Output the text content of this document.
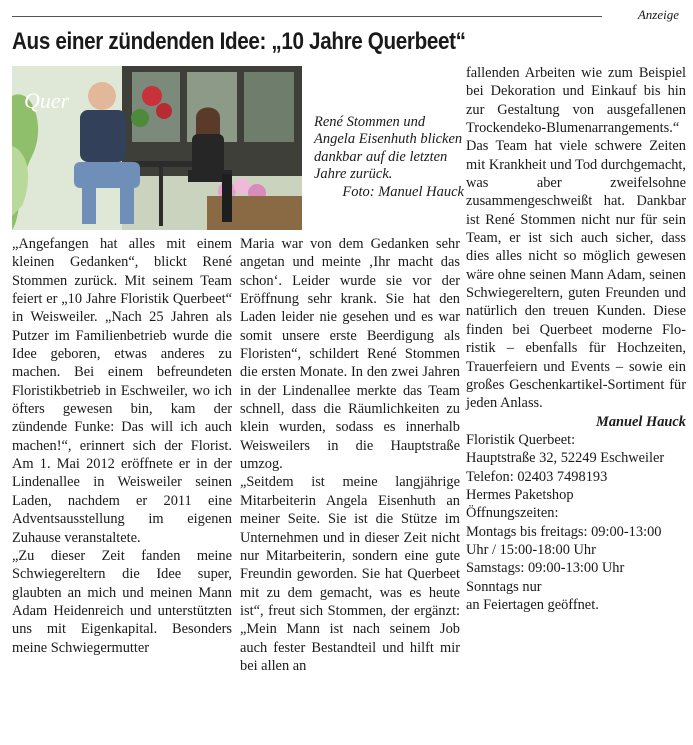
Anzeige
Aus einer zündenden Idee: „10 Jahre Querbeet“
Quer
René Stommen und Angela Eisenhuth blicken dankbar auf die letzten Jahre zurück.
Foto: Manuel Hauck

„Angefangen hat alles mit einem kleinen Gedanken“, blickt René Stommen zurück. Mit seinem Team feiert er „10 Jahre Floristik Querbeet“ in Weisweiler. „Nach 25 Jahren als Putzer im Familienbetrieb wurde die Idee geboren, etwas anderes zu machen. Bei einem befreundeten Floristikbetrieb in Eschweiler, wo ich öfters gewesen bin, kam der zündende Funke: Das will ich auch machen!“, erinnert sich der Florist. Am 1. Mai 2012 eröffnete er in der Lindenallee in Weisweiler seinen Laden, nachdem er 2011 eine Adventsausstellung im eigenen Zuhause veranstaltete.

„Zu dieser Zeit fanden meine Schwiegereltern die Idee super, glaubten an mich und meinen Mann Adam Heidenreich und unterstützten uns mit Eigenkapital. Besonders meine Schwiegermutter

Maria war von dem Gedanken sehr angetan und meinte ‚Ihr macht das schon‘. Leider wurde sie vor der Eröffnung sehr krank. Sie hat den Laden leider nie gesehen und es war somit unsere erste Beerdigung als Floristen“, schildert René Stommen die ersten Monate. In den zwei Jahren in der Lindenallee merkte das Team schnell, dass die Räumlichkeiten zu klein wurden, sodass es innerhalb Weisweilers in die Hauptstraße umzog.

„Seitdem ist meine langjährige Mitarbeiterin Angela Eisenhuth an meiner Seite. Sie ist die Stütze im Unternehmen und in dieser Zeit nicht nur Mitarbeiterin, sondern eine gute Freundin geworden. Sie hat Querbeet mit zu dem gemacht, was es heute ist“, freut sich Stommen, der ergänzt: „Mein Mann ist nach seinem Job auch fester Bestandteil und hilft mir bei allen an

fallenden Arbeiten wie zum Beispiel bei Dekoration und Einkauf bis hin zur Gestaltung von ausgefallenen Trockendeko-Blumenarrangements.“

Das Team hat viele schwere Zeiten mit Krankheit und Tod durchgemacht, was aber zweifelsohne zusammengeschweißt hat. Dankbar ist René Stommen nicht nur für sein Team, er ist sich auch sicher, dass dies alles nicht so möglich gewesen wäre ohne seinen Mann Adam, seinen Schwiegereltern, guten Freunden und natürlich den treuen Kunden. Diese finden bei Querbeet moderne Floristik – ebenfalls für Hochzeiten, Trauerfeiern und Events – sowie ein großes Geschenkartikel-Sortiment für jeden Anlass.

Manuel Hauck

Floristik Querbeet:

Hauptstraße 32, 52249 Eschweiler

Telefon: 02403 7498193

Hermes Paketshop

Öffnungszeiten:

Montags bis freitags: 09:00-13:00

Uhr / 15:00-18:00 Uhr

Samstags: 09:00-13:00 Uhr

Sonntags nur

an Feiertagen geöffnet.
